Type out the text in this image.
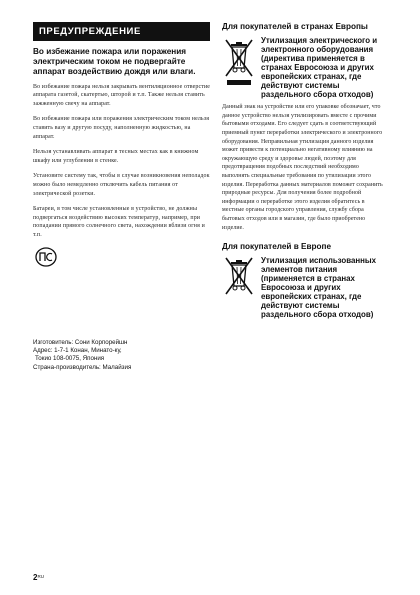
ПРЕДУПРЕЖДЕНИЕ

Во избежание пожара или поражения электрическим током не подвергайте аппарат воздействию дождя или влаги.

Во избежание пожара нельзя закрывать вентиляционное отверстие аппарата газетой, скатертью, шторой и т.п. Также нельзя ставить зажженную свечу на аппарат.

Во избежание пожара или поражения электрическим током нельзя ставить вазу и другую посуду, наполненную жидкостью, на аппарат.

Нельзя устанавливать аппарат в тесных местах как в книжном шкафу или углублении в стенке.

Установите систему так, чтобы в случае возникновения неполадок можно было немедленно отключить кабель питания от электрической розетки.

Батареи, в том числе установленные в устройство, не должны подвергаться воздействию высоких температур, например, при попадании прямого солнечного света, нахождении вблизи огня и т.п.

Изготовитель: Сони Корпорейшн
Адрес: 1-7-1 Конан, Минато-ку,
Токио 108-0075, Япония
Страна-производитель: Малайзия

Для покупателей в странах Европы

Утилизация электрического и электронного оборудования (директива применяется в странах Евросоюза и других европейских странах, где действуют системы раздельного сбора отходов)

Данный знак на устройстве или его упаковке обозначает, что данное устройство нельзя утилизировать вместе с прочими бытовыми отходами. Его следует сдать в соответствующий приемный пункт переработки электрического и электронного оборудования. Неправильная утилизация данного изделия может привести к потенциально негативному влиянию на окружающую среду и здоровье людей, поэтому для предотвращения подобных последствий необходимо выполнять специальные требования по утилизации этого изделия. Переработка данных материалов поможет сохранить природные ресурсы. Для получения более подробной информации о переработке этого изделия обратитесь в местные органы городского управления, службу сбора бытовых отходов или в магазин, где было приобретено изделие.

Для покупателей в Европе

Утилизация использованных элементов питания (применяется в странах Евросоюза и других европейских странах, где действуют системы раздельного сбора отходов)
$2^{RU}$
